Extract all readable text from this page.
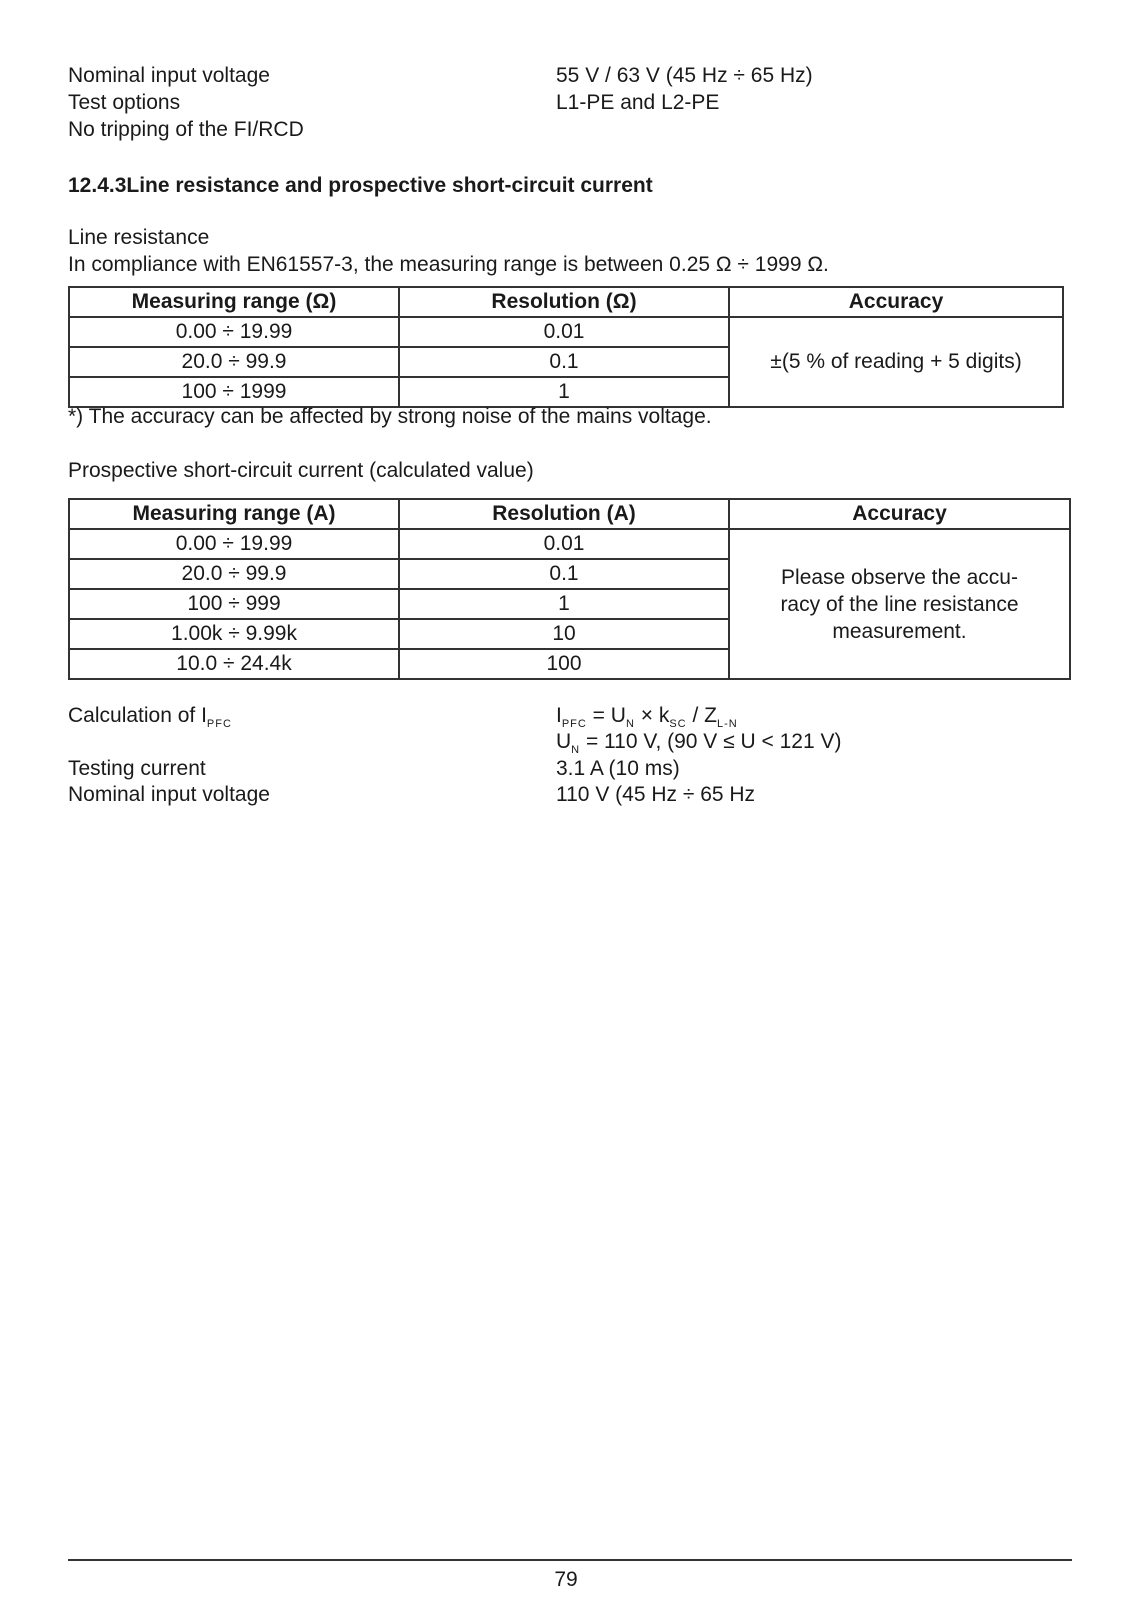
Nominal input voltage	55 V / 63 V (45 Hz ÷ 65 Hz)
Test options	L1-PE and L2-PE
No tripping of the FI/RCD
12.4.3Line resistance and prospective short-circuit current
Line resistance
In compliance with EN61557-3, the measuring range is between 0.25 Ω ÷ 1999 Ω.
Measuring range (Ω)	Resolution (Ω)	Accuracy
0.00 ÷ 19.99	0.01	±(5 % of reading + 5 digits)
20.0 ÷ 99.9	0.1	
100 ÷ 1999	1	
*) The accuracy can be affected by strong noise of the mains voltage.
Prospective short-circuit current (calculated value)
Measuring range (A)	Resolution (A)	Accuracy
0.00 ÷ 19.99	0.01	Please observe the accu-
racy of the line resistance
measurement.

20.0 ÷ 99.9	0.1	
100 ÷ 999	1	
1.00k ÷ 9.99k	10	
10.0 ÷ 24.4k	100	
Calculation of $I_{PFC}$	$I_{PFC} = U_N \times k_{SC} / Z_{L-N}$
$U_N = 110$ V, (90 V ≤ U < 121 V)
Testing current	3.1 A (10 ms)
Nominal input voltage	110 V (45 Hz ÷ 65 Hz
79
